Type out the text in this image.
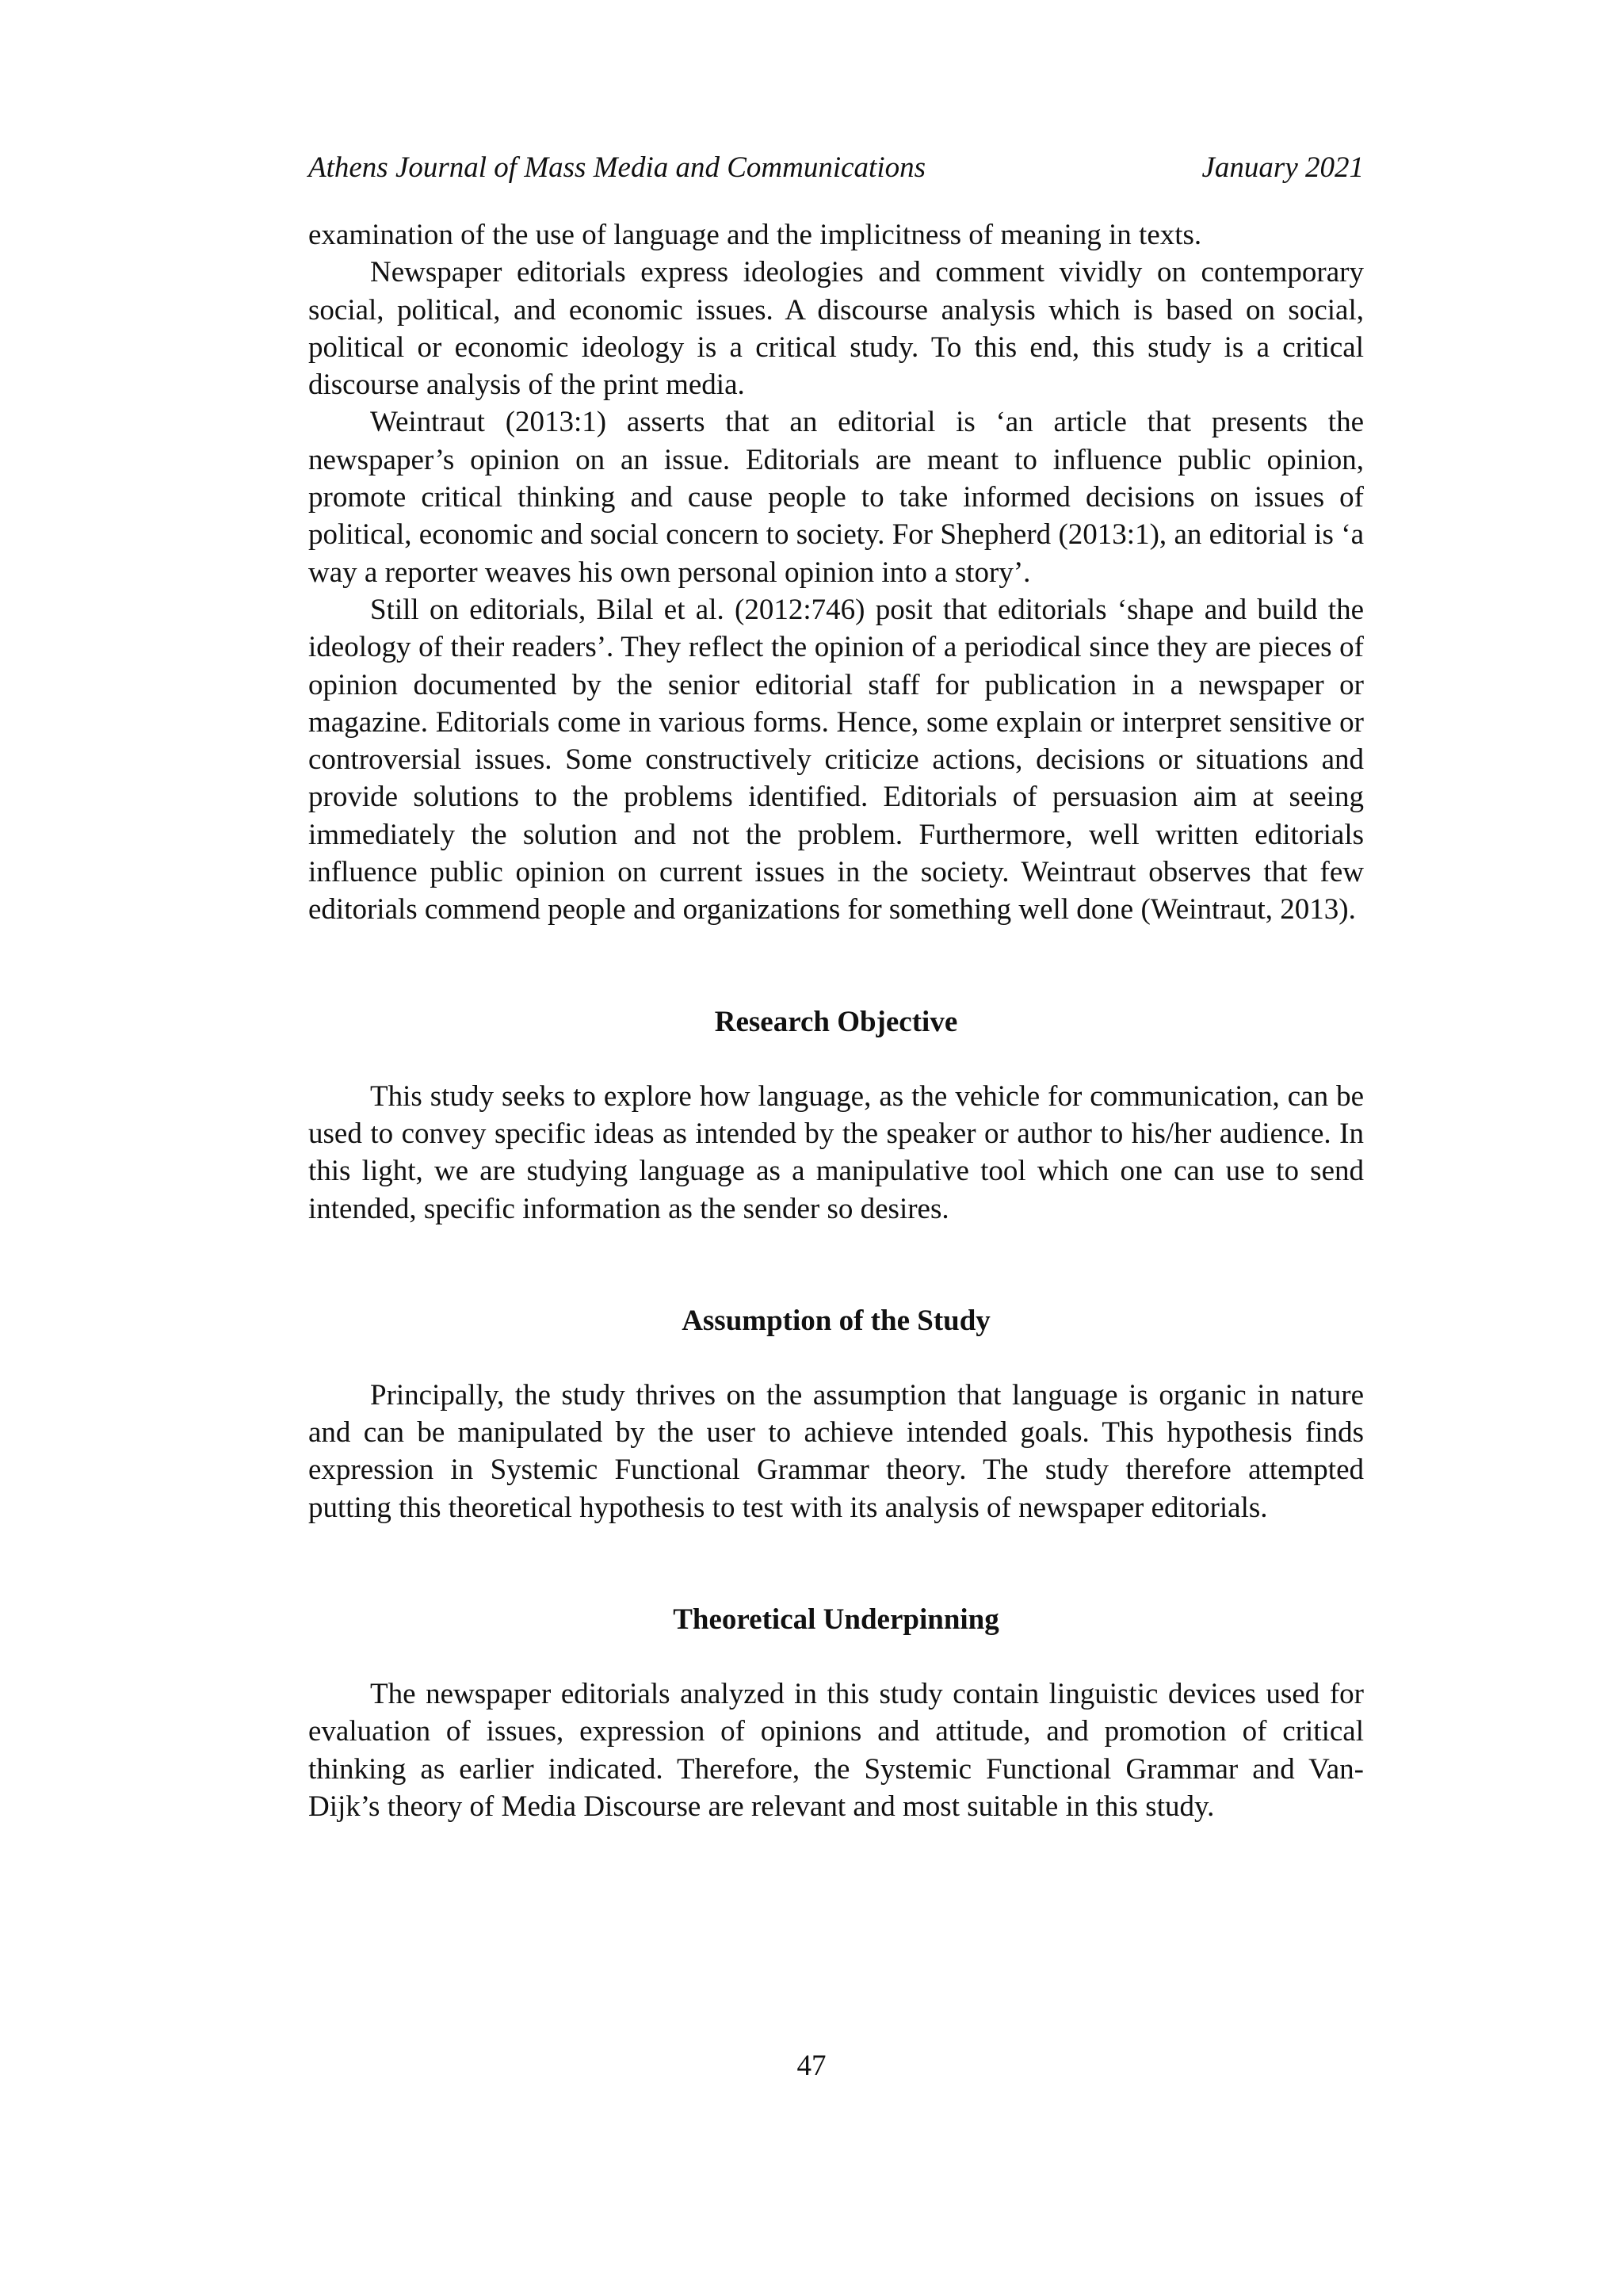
Athens Journal of Mass Media and Communications	January 2021

examination of the use of language and the implicitness of meaning in texts.

Newspaper editorials express ideologies and comment vividly on contemporary social, political, and economic issues. A discourse analysis which is based on social, political or economic ideology is a critical study. To this end, this study is a critical discourse analysis of the print media.

Weintraut (2013:1) asserts that an editorial is ‘an article that presents the newspaper’s opinion on an issue. Editorials are meant to influence public opinion, promote critical thinking and cause people to take informed decisions on issues of political, economic and social concern to society. For Shepherd (2013:1), an editorial is ‘a way a reporter weaves his own personal opinion into a story’.

Still on editorials, Bilal et al. (2012:746) posit that editorials ‘shape and build the ideology of their readers’. They reflect the opinion of a periodical since they are pieces of opinion documented by the senior editorial staff for publication in a newspaper or magazine. Editorials come in various forms. Hence, some explain or interpret sensitive or controversial issues. Some constructively criticize actions, decisions or situations and provide solutions to the problems identified. Editorials of persuasion aim at seeing immediately the solution and not the problem. Furthermore, well written editorials influence public opinion on current issues in the society. Weintraut observes that few editorials commend people and organizations for something well done (Weintraut, 2013).

Research Objective

This study seeks to explore how language, as the vehicle for communication, can be used to convey specific ideas as intended by the speaker or author to his/her audience. In this light, we are studying language as a manipulative tool which one can use to send intended, specific information as the sender so desires.

Assumption of the Study

Principally, the study thrives on the assumption that language is organic in nature and can be manipulated by the user to achieve intended goals. This hypothesis finds expression in Systemic Functional Grammar theory. The study therefore attempted putting this theoretical hypothesis to test with its analysis of newspaper editorials.

Theoretical Underpinning

The newspaper editorials analyzed in this study contain linguistic devices used for evaluation of issues, expression of opinions and attitude, and promotion of critical thinking as earlier indicated. Therefore, the Systemic Functional Grammar and Van-Dijk’s theory of Media Discourse are relevant and most suitable in this study.

47
